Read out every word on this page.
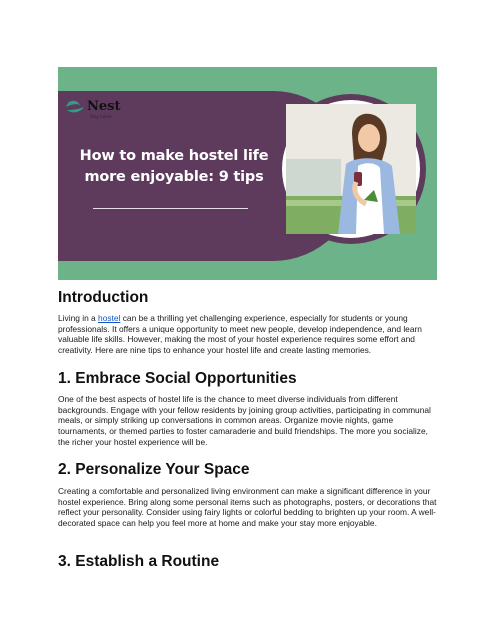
Nest
Stay home
How to make hostel life
more enjoyable: 9 tips
www.neststayhome.in
Introduction

Living in a hostel can be a thrilling yet challenging experience, especially for students or young professionals. It offers a unique opportunity to meet new people, develop independence, and learn valuable life skills. However, making the most of your hostel experience requires some effort and creativity. Here are nine tips to enhance your hostel life and create lasting memories.

1. Embrace Social Opportunities

One of the best aspects of hostel life is the chance to meet diverse individuals from different backgrounds. Engage with your fellow residents by joining group activities, participating in communal meals, or simply striking up conversations in common areas. Organize movie nights, game tournaments, or themed parties to foster camaraderie and build friendships. The more you socialize, the richer your hostel experience will be.

2. Personalize Your Space

Creating a comfortable and personalized living environment can make a significant difference in your hostel experience. Bring along some personal items such as photographs, posters, or decorations that reflect your personality. Consider using fairy lights or colorful bedding to brighten up your room. A well-decorated space can help you feel more at home and make your stay more enjoyable.

3. Establish a Routine
